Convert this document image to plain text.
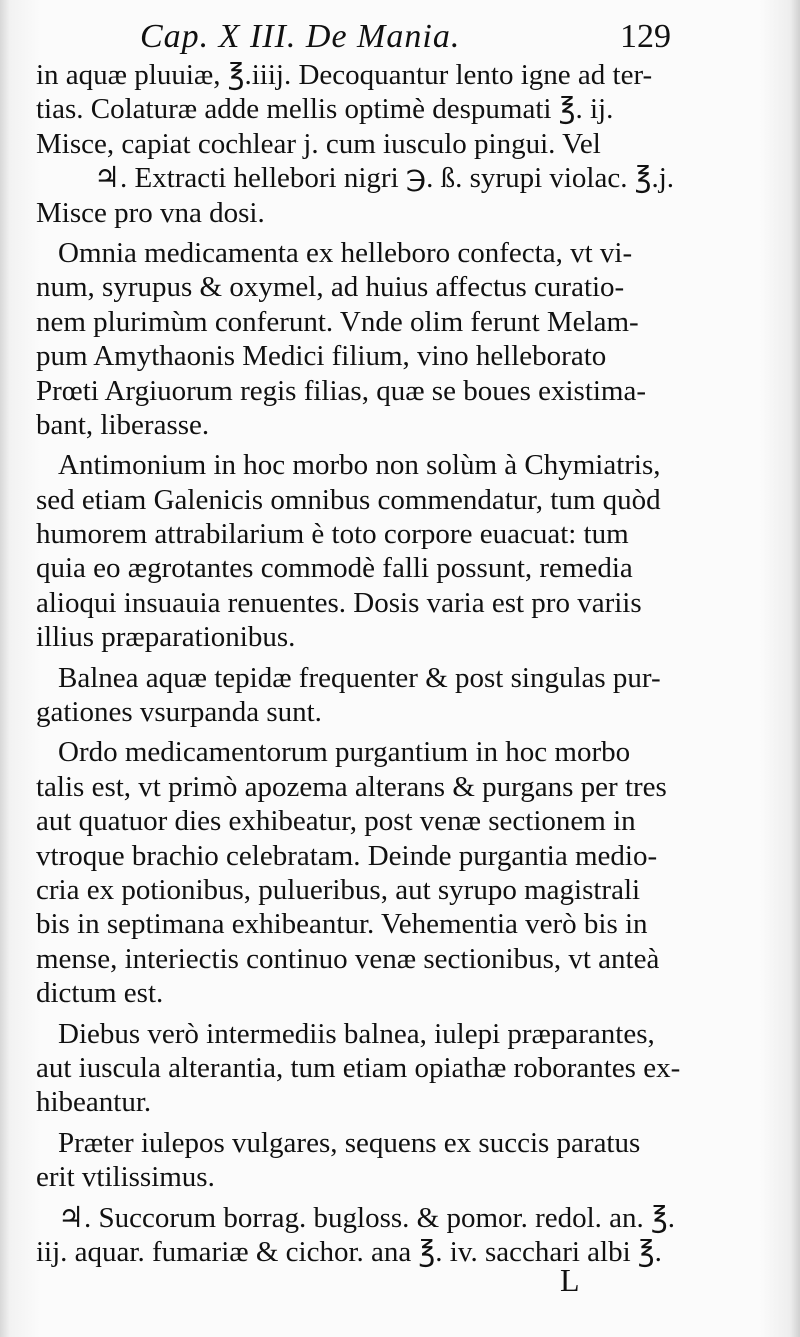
Cap. X III. De Mania.	129
in aquæ pluuiæ, ℥.iiij. Decoquantur lento igne ad ter-
tias. Colaturæ adde mellis optimè despumati ℥. ij.
Misce, capiat cochlear j. cum iusculo pingui. Vel
♃. Extracti hellebori nigri ℈. ß. syrupi violac. ℥.j.
Misce pro vna dosi.
Omnia medicamenta ex helleboro confecta, vt vi-
num, syrupus & oxymel, ad huius affectus curatio-
nem plurimùm conferunt. Vnde olim ferunt Melam-
pum Amythaonis Medici filium, vino helleborato
Prœti Argiuorum regis filias, quæ se boues existima-
bant, liberasse.
Antimonium in hoc morbo non solùm à Chymiatris,
sed etiam Galenicis omnibus commendatur, tum quòd
humorem attrabilarium è toto corpore euacuat: tum
quia eo ægrotantes commodè falli possunt, remedia
alioqui insuauia renuentes. Dosis varia est pro variis
illius præparationibus.
Balnea aquæ tepidæ frequenter & post singulas pur-
gationes vsurpanda sunt.
Ordo medicamentorum purgantium in hoc morbo
talis est, vt primò apozema alterans & purgans per tres
aut quatuor dies exhibeatur, post venæ sectionem in
vtroque brachio celebratam. Deinde purgantia medio-
cria ex potionibus, pulueribus, aut syrupo magistrali
bis in septimana exhibeantur. Vehementia verò bis in
mense, interiectis continuo venæ sectionibus, vt anteà
dictum est.
Diebus verò intermediis balnea, iulepi præparantes,
aut iuscula alterantia, tum etiam opiathæ roborantes ex-
hibeantur.
Præter iulepos vulgares, sequens ex succis paratus
erit vtilissimus.
♃. Succorum borrag. bugloss. & pomor. redol. an. ℥.
iij. aquar. fumariæ & cichor. ana ℥. iv. sacchari albi ℥.
L
